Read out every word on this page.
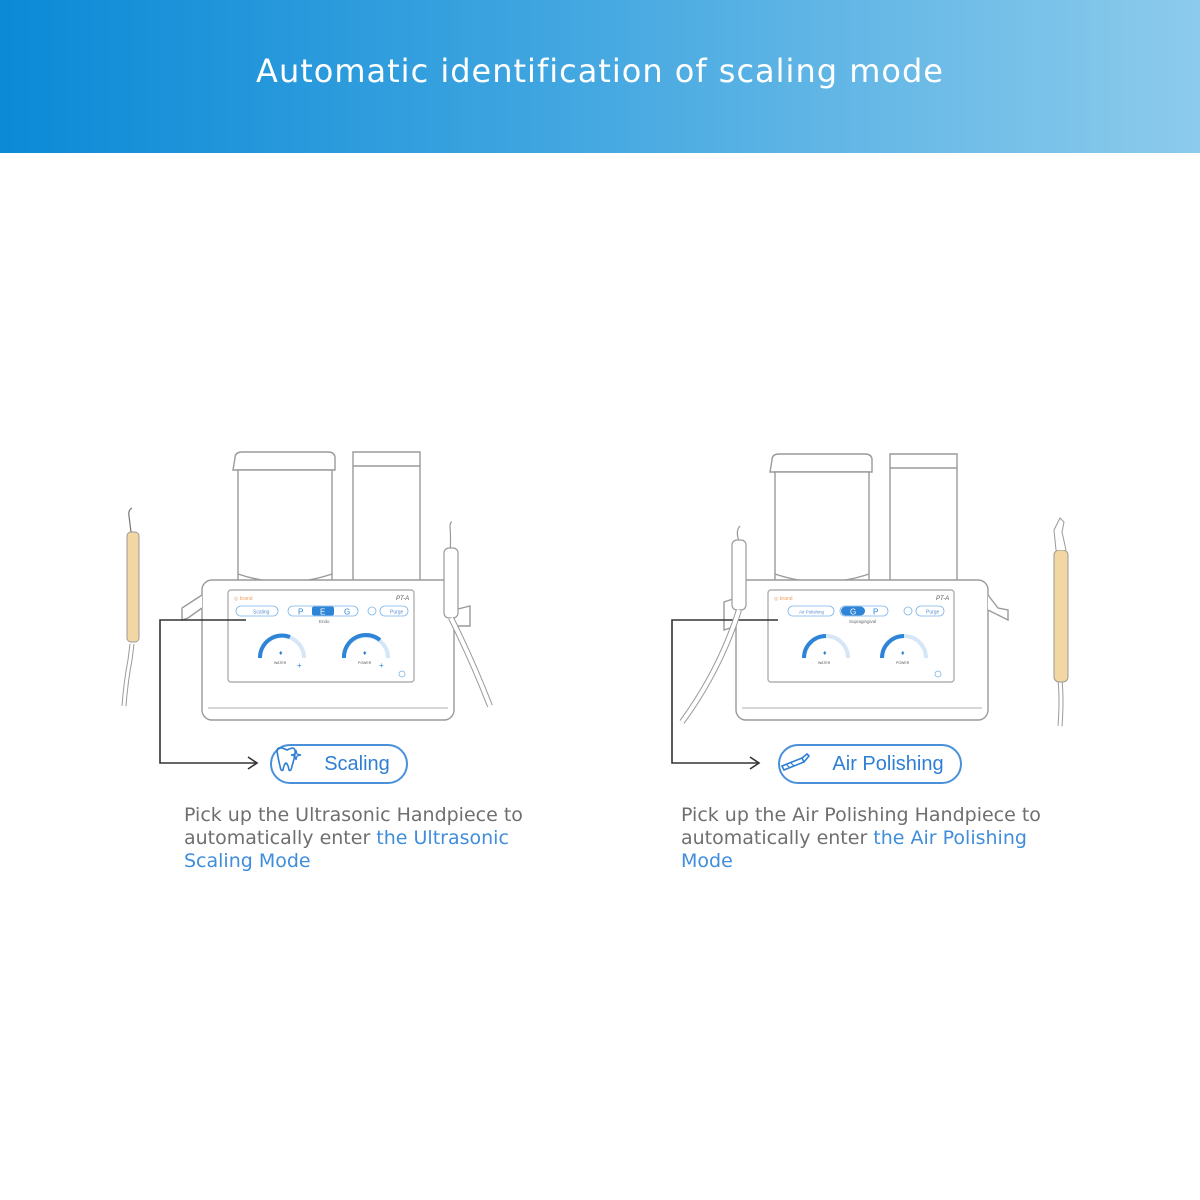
Automatic identification of scaling mode
◎ brand	PT-A
Scaling	P E G
Endo
Purge
♦
WATER +
♦
POWER +
Scaling
Pick up the Ultrasonic Handpiece to automatically enter the Ultrasonic Scaling Mode
◎ brand	PT-A
Air Polishing	G P
Supragingival
Purge
♦
WATER
♦
POWER
Air Polishing
Pick up the Air Polishing Handpiece to automatically enter the Air Polishing Mode
